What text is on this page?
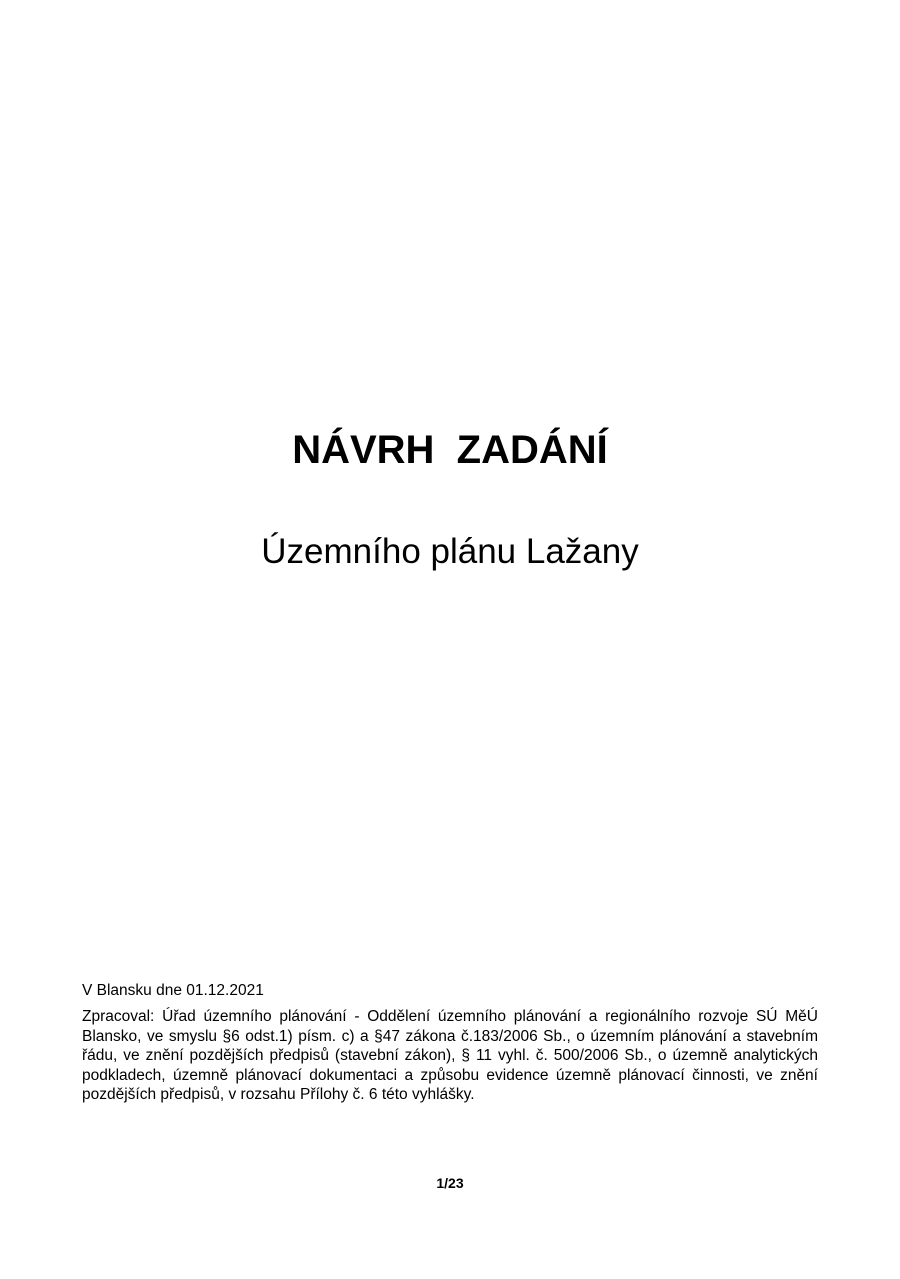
NÁVRH  ZADÁNÍ
Územního plánu Lažany
V Blansku dne 01.12.2021
Zpracoval: Úřad územního plánování - Oddělení územního plánování a regionálního rozvoje SÚ MěÚ Blansko, ve smyslu §6 odst.1) písm. c) a §47 zákona č.183/2006 Sb., o územním plánování a stavebním řádu, ve znění pozdějších předpisů (stavební zákon), § 11 vyhl. č. 500/2006 Sb., o územně analytických podkladech, územně plánovací dokumentaci a způsobu evidence územně plánovací činnosti, ve znění pozdějších předpisů, v rozsahu Přílohy č. 6 této vyhlášky.
1/23
